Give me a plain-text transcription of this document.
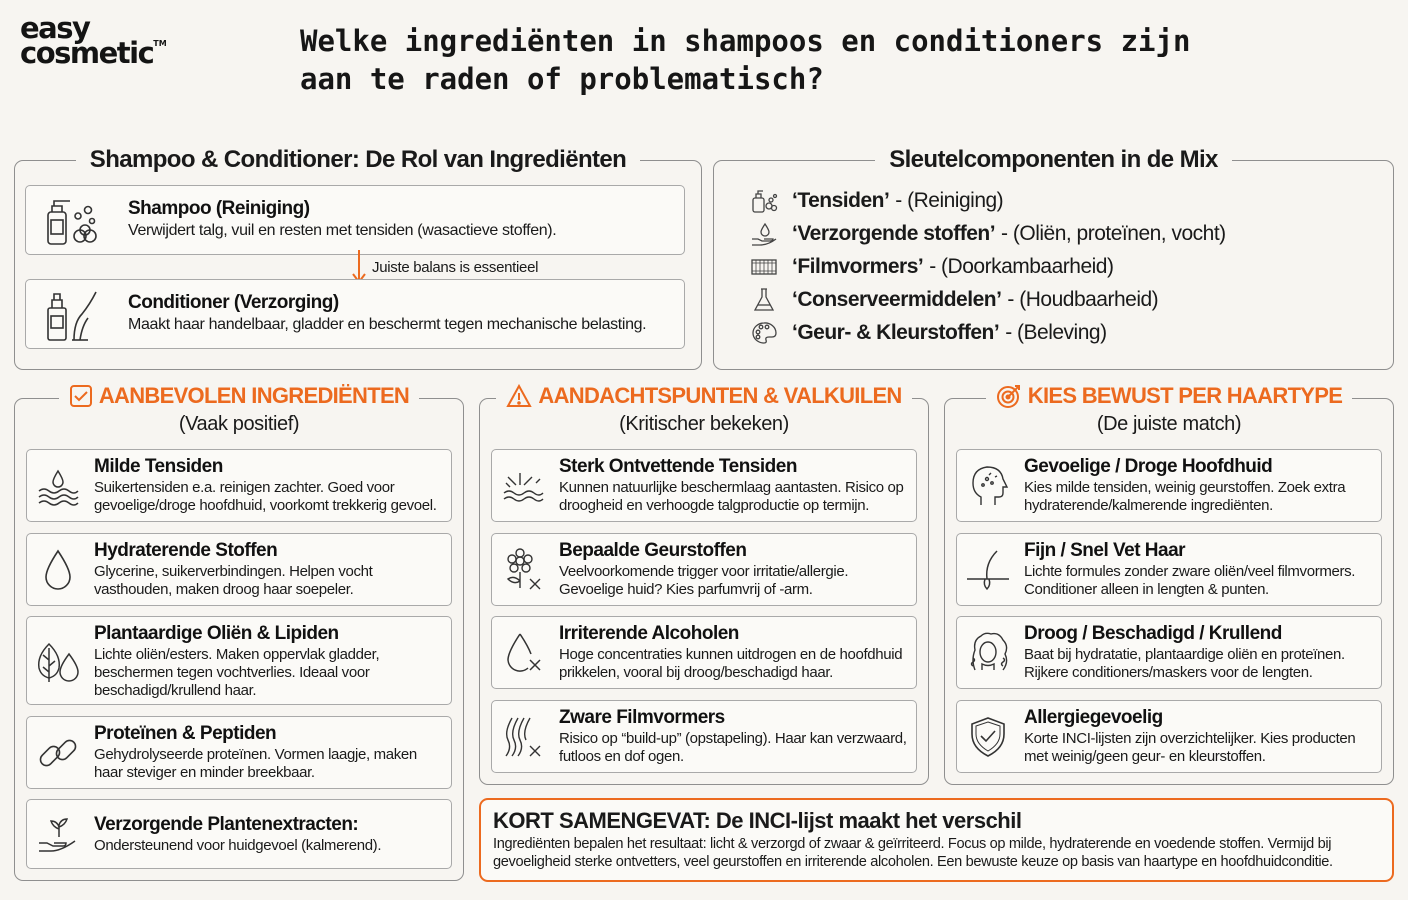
easy
cosmetic™	Welke ingrediënten in shampoos en conditioners zijn aan te raden of problematisch?
Shampoo & Conditioner: De Rol van Ingrediënten
Shampoo (Reiniging)
Verwijdert talg, vuil en resten met tensiden (wasactieve stoffen).
Juiste balans is essentieel
Conditioner (Verzorging)
Maakt haar handelbaar, gladder en beschermt tegen mechanische belasting.
Sleutelcomponenten in de Mix
‘Tensiden’ - (Reiniging)
‘Verzorgende stoffen’ - (Oliën, proteïnen, vocht)
‘Filmvormers’ - (Doorkambaarheid)
‘Conserveermiddelen’ - (Houdbaarheid)
‘Geur- & Kleurstoffen’ - (Beleving)
AANBEVOLEN INGREDIËNTEN
(Vaak positief)
Milde Tensiden
Suikertensiden e.a. reinigen zachter. Goed voor gevoelige/droge hoofdhuid, voorkomt trekkerig gevoel.
Hydraterende Stoffen
Glycerine, suikerverbindingen. Helpen vocht vasthouden, maken droog haar soepeler.
Plantaardige Oliën & Lipiden
Lichte oliën/esters. Maken oppervlak gladder, beschermen tegen vochtverlies. Ideaal voor beschadigd/krullend haar.
Proteïnen & Peptiden
Gehydrolyseerde proteïnen. Vormen laagje, maken haar steviger en minder breekbaar.
Verzorgende Plantenextracten:
Ondersteunend voor huidgevoel (kalmerend).
AANDACHTSPUNTEN & VALKUILEN
(Kritischer bekeken)
Sterk Ontvettende Tensiden
Kunnen natuurlijke beschermlaag aantasten. Risico op droogheid en verhoogde talgproductie op termijn.
Bepaalde Geurstoffen
Veelvoorkomende trigger voor irritatie/allergie. Gevoelige huid? Kies parfumvrij of -arm.
Irriterende Alcoholen
Hoge concentraties kunnen uitdrogen en de hoofdhuid prikkelen, vooral bij droog/beschadigd haar.
Zware Filmvormers
Risico op “build-up” (opstapeling). Haar kan verzwaard, futloos en dof ogen.
KIES BEWUST PER HAARTYPE
(De juiste match)
Gevoelige / Droge Hoofdhuid
Kies milde tensiden, weinig geurstoffen. Zoek extra hydraterende/kalmerende ingrediënten.
Fijn / Snel Vet Haar
Lichte formules zonder zware oliën/veel filmvormers. Conditioner alleen in lengten & punten.
Droog / Beschadigd / Krullend
Baat bij hydratatie, plantaardige oliën en proteïnen. Rijkere conditioners/maskers voor de lengten.
Allergiegevoelig
Korte INCI-lijsten zijn overzichtelijker. Kies producten met weinig/geen geur- en kleurstoffen.
KORT SAMENGEVAT: De INCI-lijst maakt het verschil
Ingrediënten bepalen het resultaat: licht & verzorgd of zwaar & geïrriteerd. Focus op milde, hydraterende en voedende stoffen. Vermijd bij gevoeligheid sterke ontvetters, veel geurstoffen en irriterende alcoholen. Een bewuste keuze op basis van haartype en hoofdhuidconditie.
